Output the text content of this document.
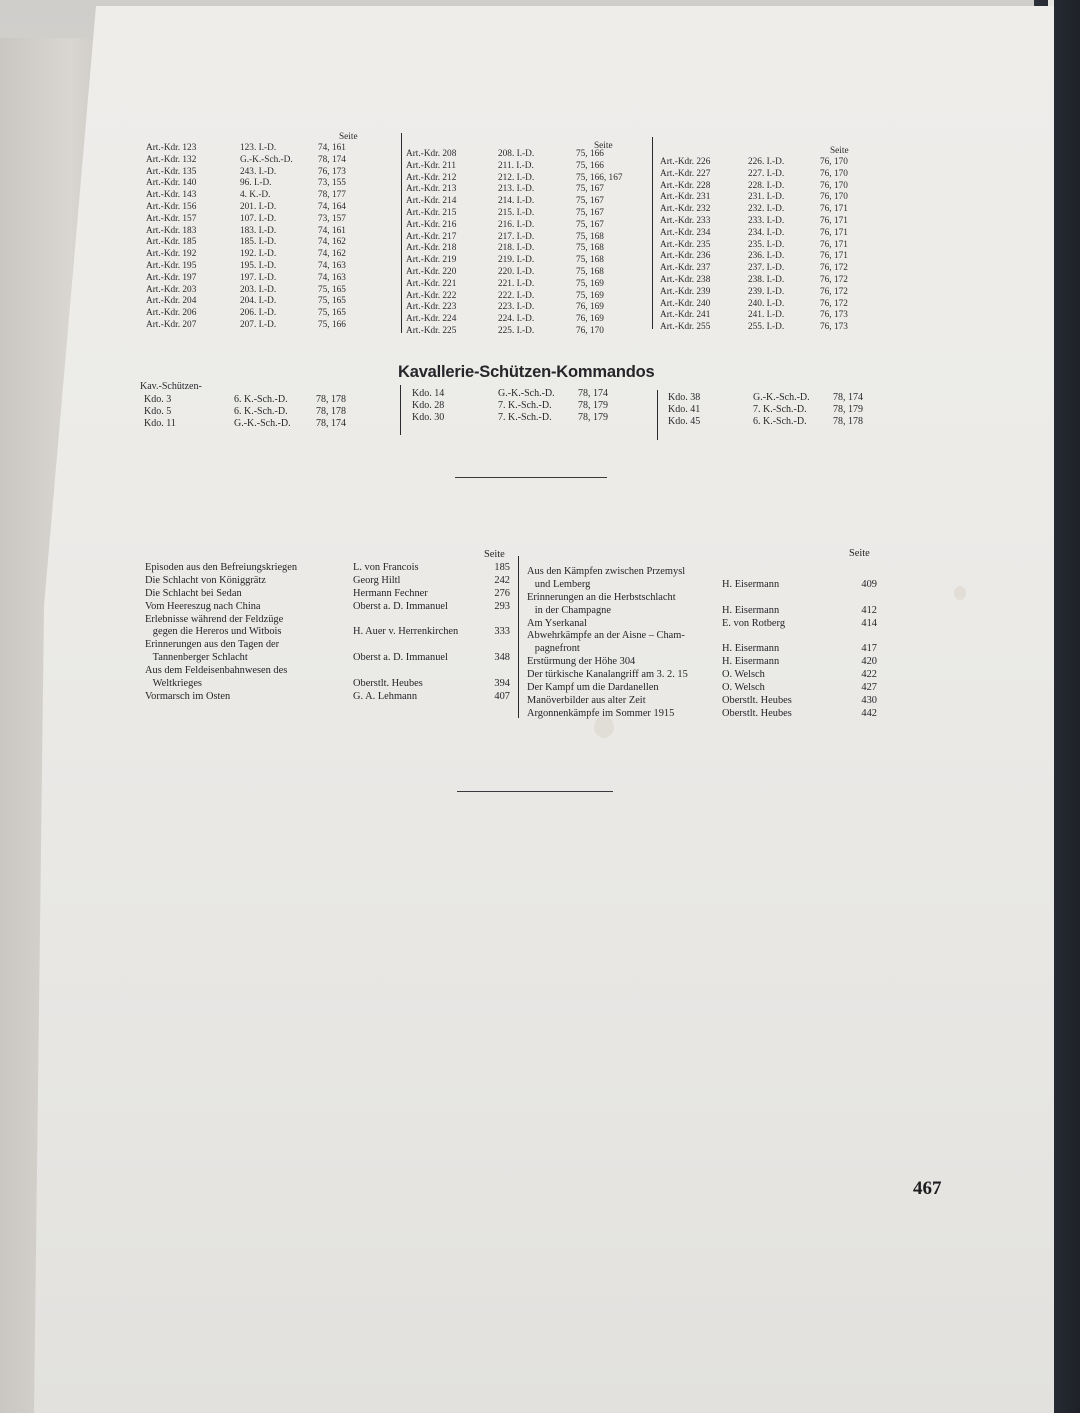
Seite
Art.-Kdr. 123	123. I.-D.	74, 161
Art.-Kdr. 132	G.-K.-Sch.-D.	78, 174
Art.-Kdr. 135	243. I.-D.	76, 173
Art.-Kdr. 140	96. I.-D.	73, 155
Art.-Kdr. 143	4. K.-D.	78, 177
Art.-Kdr. 156	201. I.-D.	74, 164
Art.-Kdr. 157	107. I.-D.	73, 157
Art.-Kdr. 183	183. I.-D.	74, 161
Art.-Kdr. 185	185. I.-D.	74, 162
Art.-Kdr. 192	192. I.-D.	74, 162
Art.-Kdr. 195	195. I.-D.	74, 163
Art.-Kdr. 197	197. I.-D.	74, 163
Art.-Kdr. 203	203. I.-D.	75, 165
Art.-Kdr. 204	204. I.-D.	75, 165
Art.-Kdr. 206	206. I.-D.	75, 165
Art.-Kdr. 207	207. I.-D.	75, 166
Seite
Art.-Kdr. 208	208. I.-D.	75, 166
Art.-Kdr. 211	211. I.-D.	75, 166
Art.-Kdr. 212	212. I.-D.	75, 166, 167
Art.-Kdr. 213	213. I.-D.	75, 167
Art.-Kdr. 214	214. I.-D.	75, 167
Art.-Kdr. 215	215. I.-D.	75, 167
Art.-Kdr. 216	216. I.-D.	75, 167
Art.-Kdr. 217	217. I.-D.	75, 168
Art.-Kdr. 218	218. I.-D.	75, 168
Art.-Kdr. 219	219. I.-D.	75, 168
Art.-Kdr. 220	220. I.-D.	75, 168
Art.-Kdr. 221	221. I.-D.	75, 169
Art.-Kdr. 222	222. I.-D.	75, 169
Art.-Kdr. 223	223. I.-D.	76, 169
Art.-Kdr. 224	224. I.-D.	76, 169
Art.-Kdr. 225	225. I.-D.	76, 170
Seite
Art.-Kdr. 226	226. I.-D.	76, 170
Art.-Kdr. 227	227. I.-D.	76, 170
Art.-Kdr. 228	228. I.-D.	76, 170
Art.-Kdr. 231	231. I.-D.	76, 170
Art.-Kdr. 232	232. I.-D.	76, 171
Art.-Kdr. 233	233. I.-D.	76, 171
Art.-Kdr. 234	234. I.-D.	76, 171
Art.-Kdr. 235	235. I.-D.	76, 171
Art.-Kdr. 236	236. I.-D.	76, 171
Art.-Kdr. 237	237. I.-D.	76, 172
Art.-Kdr. 238	238. I.-D.	76, 172
Art.-Kdr. 239	239. I.-D.	76, 172
Art.-Kdr. 240	240. I.-D.	76, 172
Art.-Kdr. 241	241. I.-D.	76, 173
Art.-Kdr. 255	255. I.-D.	76, 173
Kavallerie-Schützen-Kommandos
Kav.-Schützen-
Kdo. 3	6. K.-Sch.-D.	78, 178
Kdo. 5	6. K.-Sch.-D.	78, 178
Kdo. 11	G.-K.-Sch.-D.	78, 174
Kdo. 14	G.-K.-Sch.-D. 78, 174
Kdo. 28	7. K.-Sch.-D.	78, 179
Kdo. 30	7. K.-Sch.-D.	78, 179
Kdo. 38	G.-K.-Sch.-D. 78, 174
Kdo. 41	7. K.-Sch.-D.	78, 179
Kdo. 45	6. K.-Sch.-D.	78, 178
Seite
Episoden aus den Befreiungskriegen	L. von Francois	185
Die Schlacht von Königgrätz	Georg Hiltl	242
Die Schlacht bei Sedan	Hermann Fechner	276
Vom Heereszug nach China	Oberst a. D. Immanuel	293
Erlebnisse während der Feldzüge
gegen die Hereros und Witbois	H. Auer v. Herrenkirchen	333
Erinnerungen aus den Tagen der
Tannenberger Schlacht	Oberst a. D. Immanuel	348
Aus dem Feldeisenbahnwesen des
Weltkrieges	Oberstlt. Heubes	394
Vormarsch im Osten	G. A. Lehmann	407
Seite
Aus den Kämpfen zwischen Przemysl
und Lemberg	H. Eisermann	409
Erinnerungen an die Herbstschlacht
in der Champagne	H. Eisermann	412
Am Yserkanal	E. von Rotberg	414
Abwehrkämpfe an der Aisne – Cham-
pagnefront	H. Eisermann	417
Erstürmung der Höhe 304	H. Eisermann	420
Der türkische Kanalangriff am 3. 2. 15	O. Welsch	422
Der Kampf um die Dardanellen	O. Welsch	427
Manöverbilder aus alter Zeit	Oberstlt. Heubes	430
Argonnenkämpfe im Sommer 1915	Oberstlt. Heubes	442
467
